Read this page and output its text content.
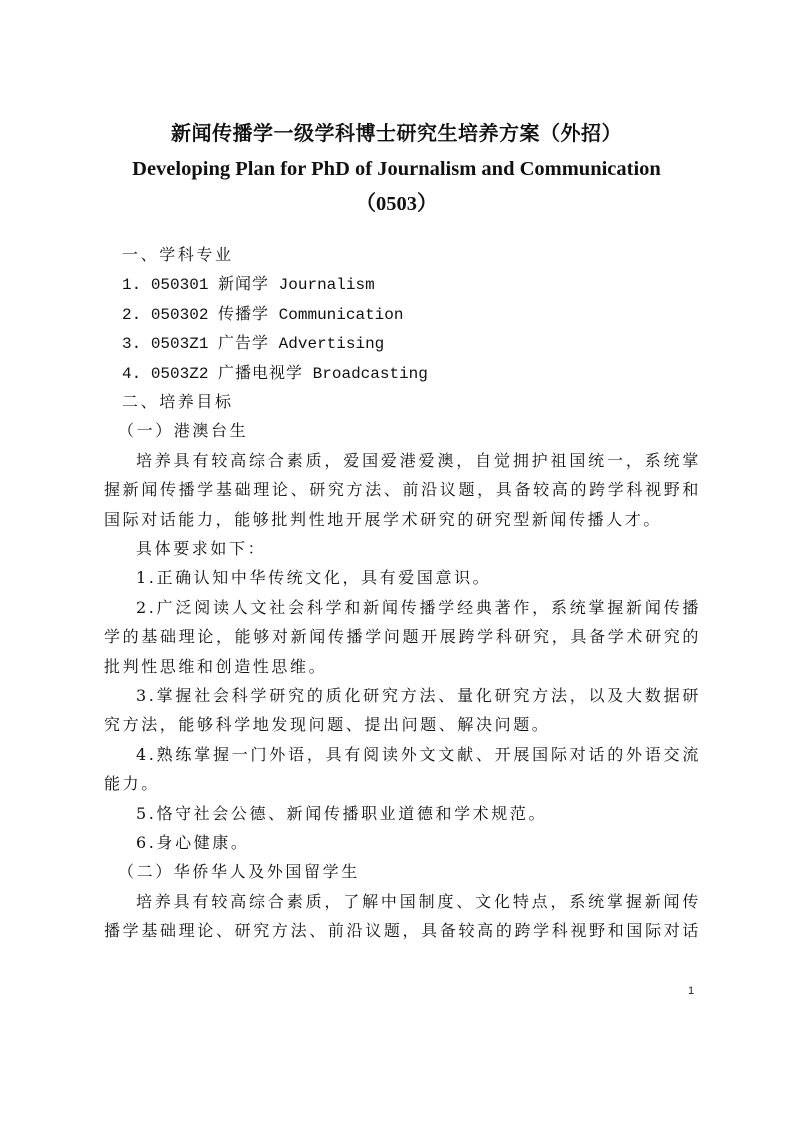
新闻传播学一级学科博士研究生培养方案（外招）
Developing Plan for PhD of Journalism and Communication
（0503）
一、学科专业
1. 050301 新闻学 Journalism
2. 050302 传播学 Communication
3. 0503Z1 广告学 Advertising
4. 0503Z2 广播电视学 Broadcasting
二、培养目标
（一）港澳台生
培养具有较高综合素质，爱国爱港爱澳，自觉拥护祖国统一，系统掌握新闻传播学基础理论、研究方法、前沿议题，具备较高的跨学科视野和国际对话能力，能够批判性地开展学术研究的研究型新闻传播人才。
具体要求如下：
1.正确认知中华传统文化，具有爱国意识。
2.广泛阅读人文社会科学和新闻传播学经典著作，系统掌握新闻传播学的基础理论，能够对新闻传播学问题开展跨学科研究，具备学术研究的批判性思维和创造性思维。
3.掌握社会科学研究的质化研究方法、量化研究方法，以及大数据研究方法，能够科学地发现问题、提出问题、解决问题。
4.熟练掌握一门外语，具有阅读外文文献、开展国际对话的外语交流能力。
5.恪守社会公德、新闻传播职业道德和学术规范。
6.身心健康。
（二）华侨华人及外国留学生
培养具有较高综合素质，了解中国制度、文化特点，系统掌握新闻传播学基础理论、研究方法、前沿议题，具备较高的跨学科视野和国际对话
1
